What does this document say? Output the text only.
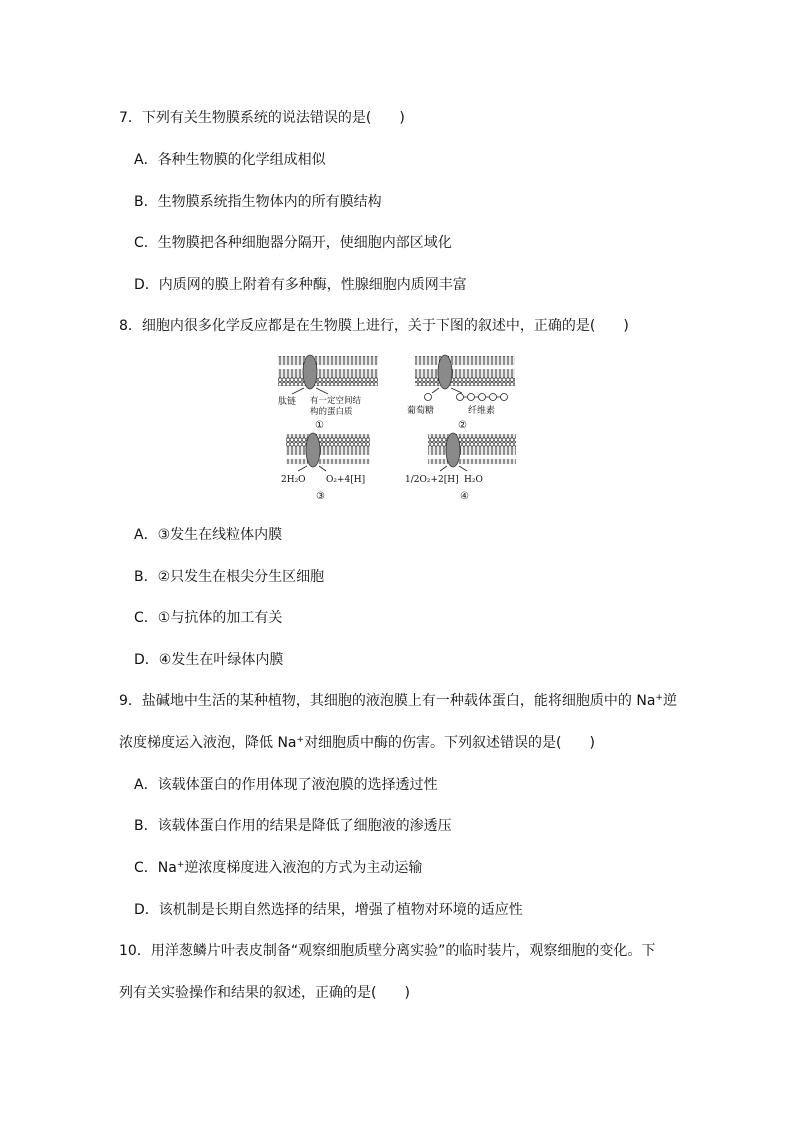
7．下列有关生物膜系统的说法错误的是(　　)
A．各种生物膜的化学组成相似
B．生物膜系统指生物体内的所有膜结构
C．生物膜把各种细胞器分隔开，使细胞内部区域化
D．内质网的膜上附着有多种酶，性腺细胞内质网丰富
8．细胞内很多化学反应都是在生物膜上进行，关于下图的叙述中，正确的是(　　)
肽链 有一定空间结
构的蛋白质
①
葡萄糖	纤维素
②
2H₂O O₂+4[H]
③
1/2O₂+2[H] H₂O
④
A．③发生在线粒体内膜
B．②只发生在根尖分生区细胞
C．①与抗体的加工有关
D．④发生在叶绿体内膜
9．盐碱地中生活的某种植物，其细胞的液泡膜上有一种载体蛋白，能将细胞质中的 Na+逆
浓度梯度运入液泡，降低 Na+对细胞质中酶的伤害。下列叙述错误的是(　　)
A．该载体蛋白的作用体现了液泡膜的选择透过性
B．该载体蛋白作用的结果是降低了细胞液的渗透压
C．Na+逆浓度梯度进入液泡的方式为主动运输
D．该机制是长期自然选择的结果，增强了植物对环境的适应性
10．用洋葱鳞片叶表皮制备“观察细胞质壁分离实验”的临时装片，观察细胞的变化。下
列有关实验操作和结果的叙述，正确的是(　　)
